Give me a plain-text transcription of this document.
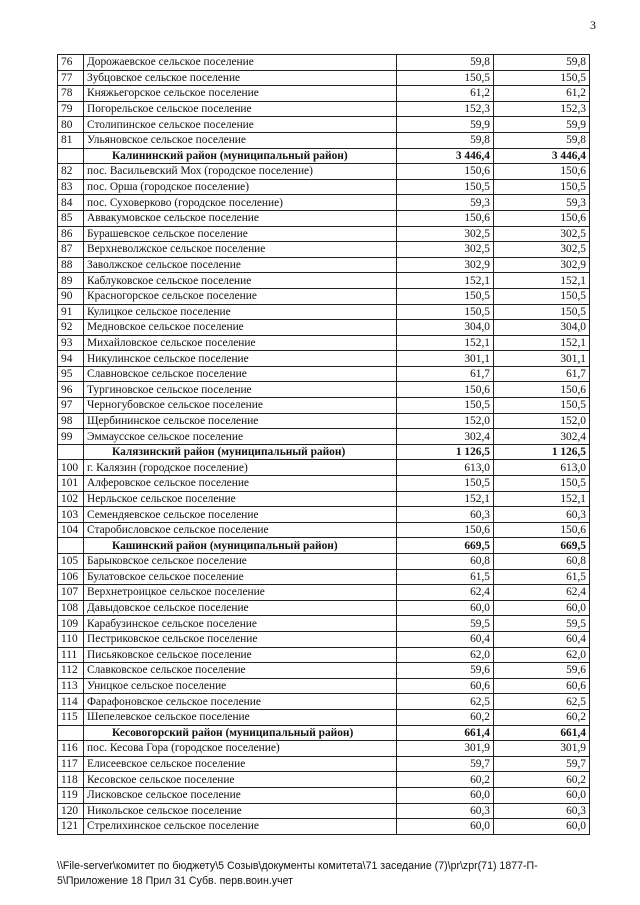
3
76	Дорожаевское сельское поселение	59,8	59,8
77	Зубцовское сельское поселение	150,5	150,5
78	Княжьегорское сельское поселение	61,2	61,2
79	Погорельское сельское поселение	152,3	152,3
80	Столипинское сельское поселение	59,9	59,9
81	Ульяновское сельское поселение	59,8	59,8
	Калининский район (муниципальный район)	3 446,4	3 446,4
82	пос. Васильевский Мох (городское поселение)	150,6	150,6
83	пос. Орша (городское поселение)	150,5	150,5
84	пос. Суховерково (городское поселение)	59,3	59,3
85	Аввакумовское сельское поселение	150,6	150,6
86	Бурашевское сельское поселение	302,5	302,5
87	Верхневолжское сельское поселение	302,5	302,5
88	Заволжское сельское поселение	302,9	302,9
89	Каблуковское сельское поселение	152,1	152,1
90	Красногорское сельское поселение	150,5	150,5
91	Кулицкое сельское поселение	150,5	150,5
92	Медновское сельское поселение	304,0	304,0
93	Михайловское сельское поселение	152,1	152,1
94	Никулинское сельское поселение	301,1	301,1
95	Славновское сельское поселение	61,7	61,7
96	Тургиновское сельское поселение	150,6	150,6
97	Черногубовское сельское поселение	150,5	150,5
98	Щербининское сельское поселение	152,0	152,0
99	Эммаусское сельское поселение	302,4	302,4
	Калязинский район (муниципальный район)	1 126,5	1 126,5
100	г. Калязин (городское поселение)	613,0	613,0
101	Алферовское сельское поселение	150,5	150,5
102	Нерльское сельское поселение	152,1	152,1
103	Семендяевское сельское поселение	60,3	60,3
104	Старобисловское сельское поселение	150,6	150,6
	Кашинский район (муниципальный район)	669,5	669,5
105	Барыковское сельское поселение	60,8	60,8
106	Булатовское сельское поселение	61,5	61,5
107	Верхнетроицкое сельское поселение	62,4	62,4
108	Давыдовское сельское поселение	60,0	60,0
109	Карабузинское сельское поселение	59,5	59,5
110	Пестриковское сельское поселение	60,4	60,4
111	Письяковское сельское поселение	62,0	62,0
112	Славковское сельское поселение	59,6	59,6
113	Уницкое сельское поселение	60,6	60,6
114	Фарафоновское сельское поселение	62,5	62,5
115	Шепелевское сельское поселение	60,2	60,2
	Кесовогорский район (муниципальный район)	661,4	661,4
116	пос. Кесова Гора (городское поселение)	301,9	301,9
117	Елисеевское сельское поселение	59,7	59,7
118	Кесовское сельское поселение	60,2	60,2
119	Лисковское сельское поселение	60,0	60,0
120	Никольское сельское поселение	60,3	60,3
121	Стрелихинское сельское поселение	60,0	60,0
\\File-server\комитет по бюджету\5 Созыв\документы комитета\71 заседание (7)\pr\zpr(71) 1877-П-
5\Приложение 18 Прил 31 Субв. перв.воин.учет
